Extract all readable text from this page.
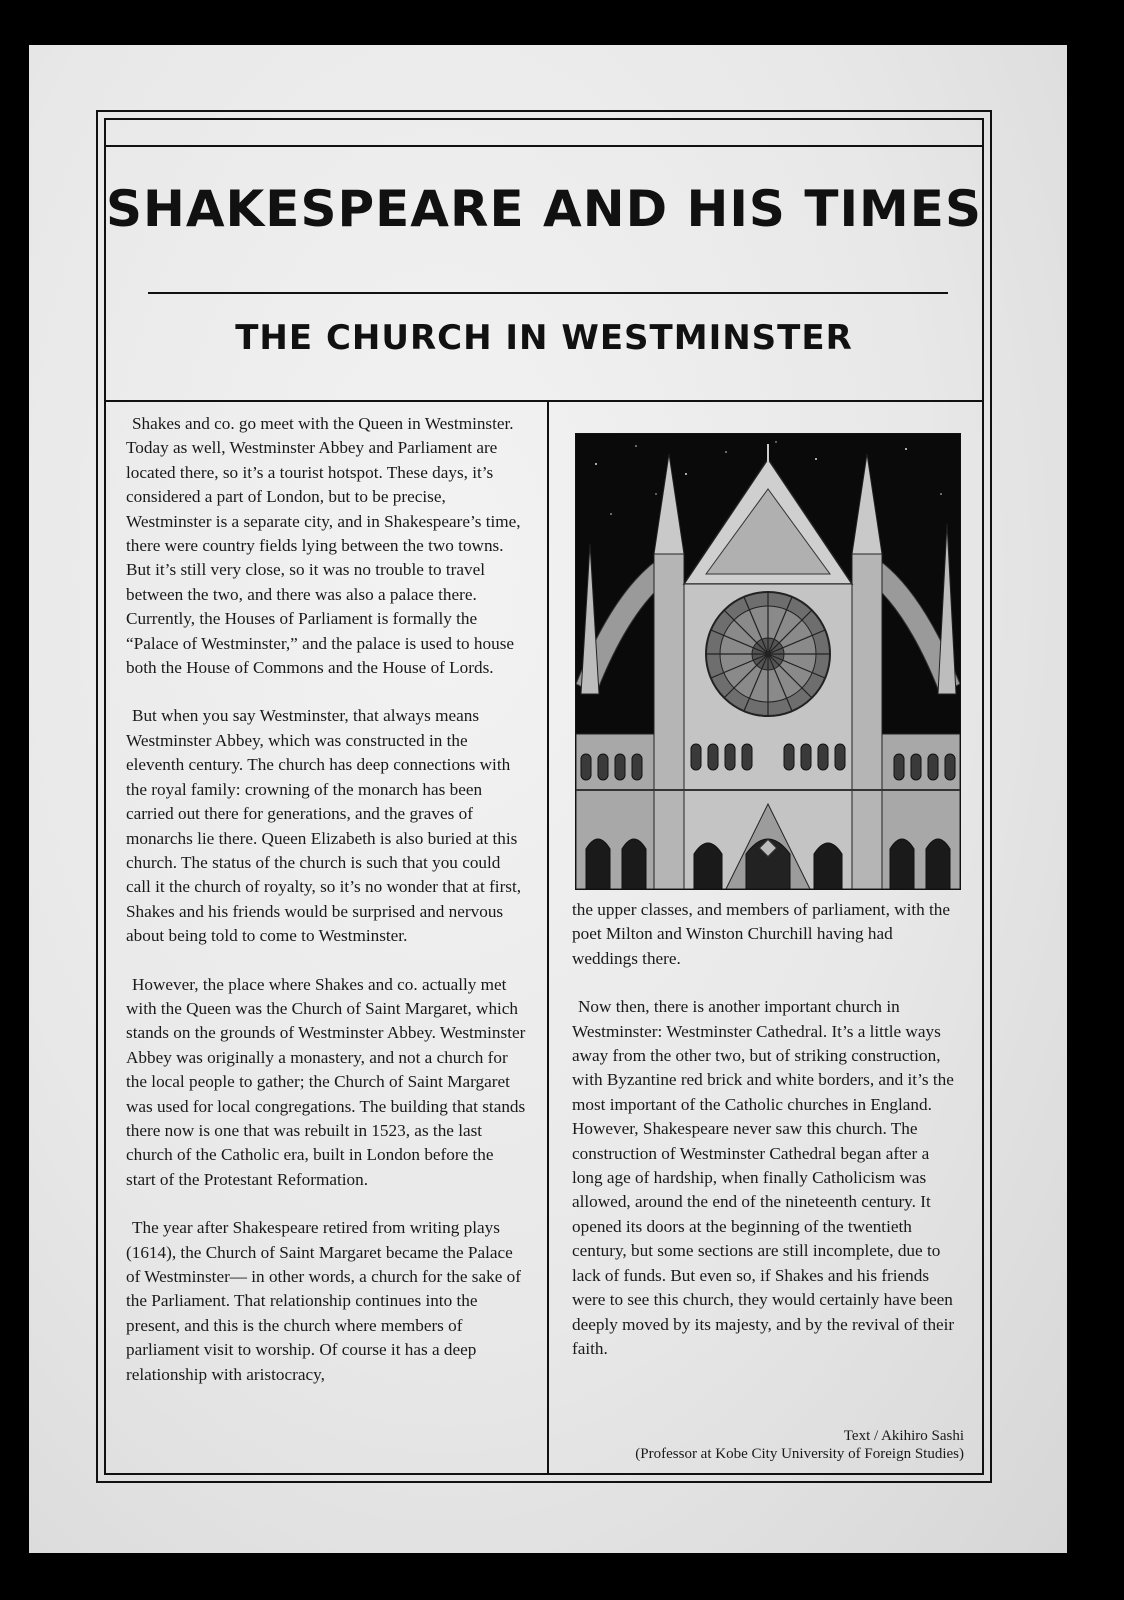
SHAKESPEARE AND HIS TIMES
THE CHURCH IN WESTMINSTER

Shakes and co. go meet with the Queen in Westminster. Today as well, Westminster Abbey and Parliament are located there, so it’s a tourist hotspot. These days, it’s considered a part of London, but to be precise, Westminster is a separate city, and in Shakespeare’s time, there were country fields lying between the two towns. But it’s still very close, so it was no trouble to travel between the two, and there was also a palace there. Currently, the Houses of Parliament is formally the “Palace of Westminster,” and the palace is used to house both the House of Commons and the House of Lords.

But when you say Westminster, that always means Westminster Abbey, which was constructed in the eleventh century. The church has deep connections with the royal family: crowning of the monarch has been carried out there for generations, and the graves of monarchs lie there. Queen Elizabeth is also buried at this church. The status of the church is such that you could call it the church of royalty, so it’s no wonder that at first, Shakes and his friends would be surprised and nervous about being told to come to Westminster.

However, the place where Shakes and co. actually met with the Queen was the Church of Saint Margaret, which stands on the grounds of Westminster Abbey. Westminster Abbey was originally a monastery, and not a church for the local people to gather; the Church of Saint Margaret was used for local congregations. The building that stands there now is one that was rebuilt in 1523, as the last church of the Catholic era, built in London before the start of the Protestant Reformation.

The year after Shakespeare retired from writing plays (1614), the Church of Saint Margaret became the Palace of Westminster— in other words, a church for the sake of the Parliament. That relationship continues into the present, and this is the church where members of parliament visit to worship. Of course it has a deep relationship with aristocracy,

the upper classes, and members of parliament, with the poet Milton and Winston Churchill having had weddings there.

Now then, there is another important church in Westminster: Westminster Cathedral. It’s a little ways away from the other two, but of striking construction, with Byzantine red brick and white borders, and it’s the most important of the Catholic churches in England. However, Shakespeare never saw this church. The construction of Westminster Cathedral began after a long age of hardship, when finally Catholicism was allowed, around the end of the nineteenth century. It opened its doors at the beginning of the twentieth century, but some sections are still incomplete, due to lack of funds. But even so, if Shakes and his friends were to see this church, they would certainly have been deeply moved by its majesty, and by the revival of their faith.

Text / Akihiro Sashi
(Professor at Kobe City University of Foreign Studies)
